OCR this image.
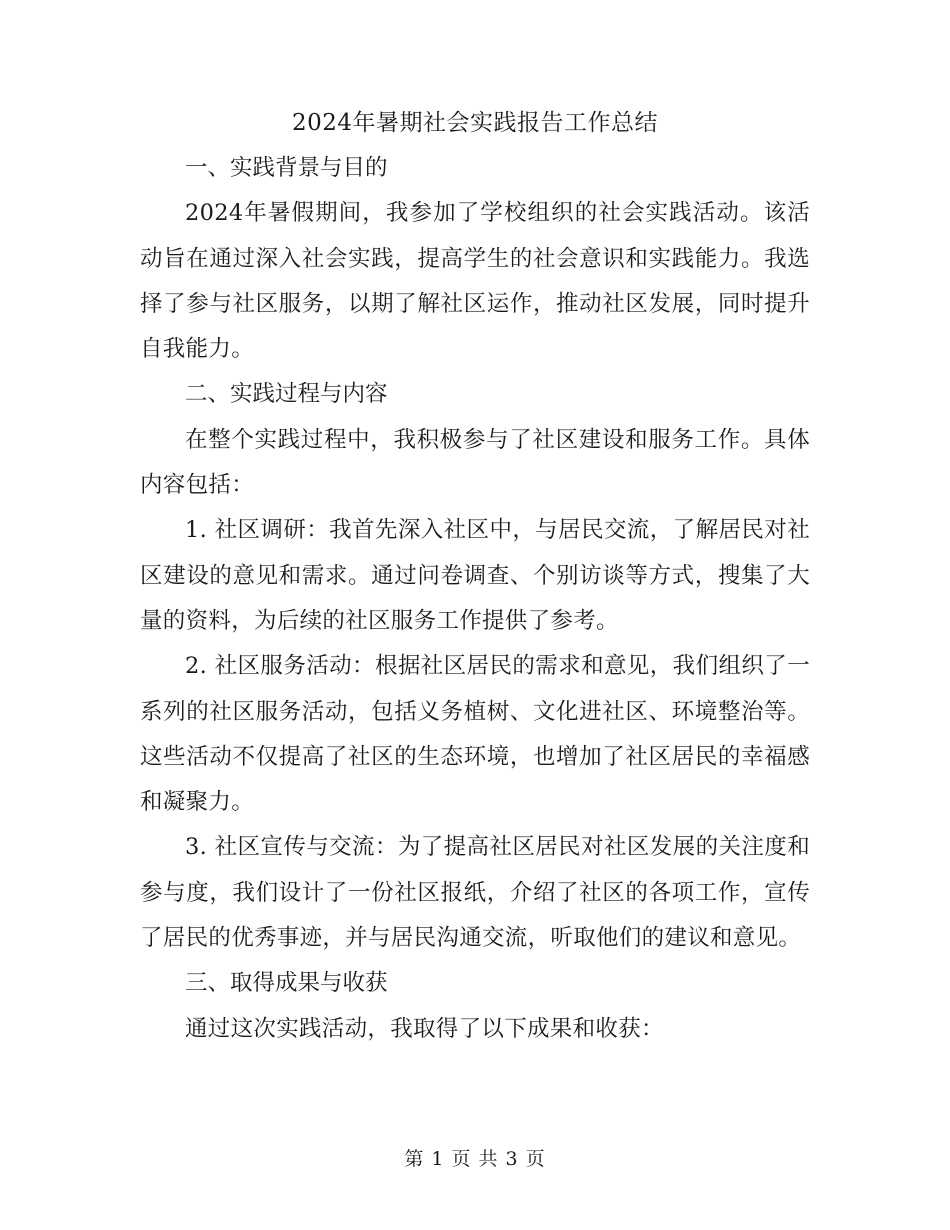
2024年暑期社会实践报告工作总结
一、实践背景与目的

2024年暑假期间，我参加了学校组织的社会实践活动。该活动旨在通过深入社会实践，提高学生的社会意识和实践能力。我选择了参与社区服务，以期了解社区运作，推动社区发展，同时提升自我能力。

二、实践过程与内容

在整个实践过程中，我积极参与了社区建设和服务工作。具体内容包括：

1. 社区调研：我首先深入社区中，与居民交流，了解居民对社区建设的意见和需求。通过问卷调查、个别访谈等方式，搜集了大量的资料，为后续的社区服务工作提供了参考。

2. 社区服务活动：根据社区居民的需求和意见，我们组织了一系列的社区服务活动，包括义务植树、文化进社区、环境整治等。这些活动不仅提高了社区的生态环境，也增加了社区居民的幸福感和凝聚力。

3. 社区宣传与交流：为了提高社区居民对社区发展的关注度和参与度，我们设计了一份社区报纸，介绍了社区的各项工作，宣传了居民的优秀事迹，并与居民沟通交流，听取他们的建议和意见。

三、取得成果与收获

通过这次实践活动，我取得了以下成果和收获：

第 1 页 共 3 页
